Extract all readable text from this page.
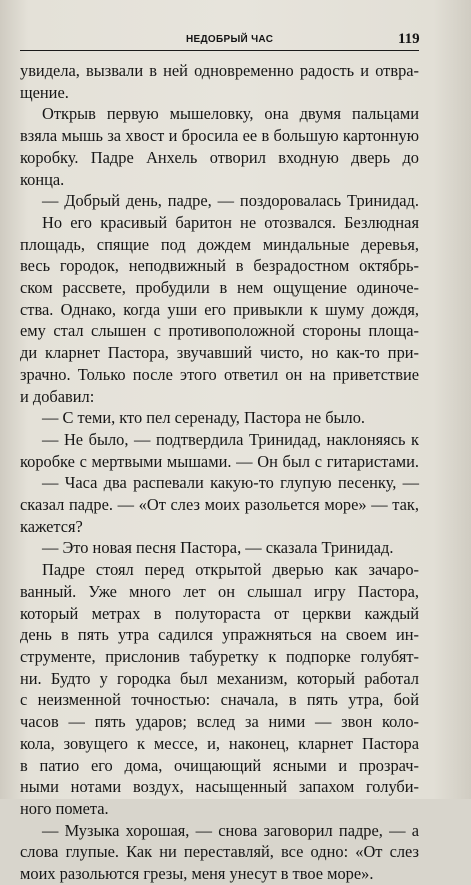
НЕДОБРЫЙ ЧАС	119
увидела, вызвали в ней одновременно радость и отвра-
щение.
Открыв первую мышеловку, она двумя пальцами
взяла мышь за хвост и бросила ее в большую картонную
коробку. Падре Анхель отворил входную дверь до
конца.
— Добрый день, падре, — поздоровалась Тринидад.
Но его красивый баритон не отозвался. Безлюдная
площадь, спящие под дождем миндальные деревья,
весь городок, неподвижный в безрадостном октябрь-
ском рассвете, пробудили в нем ощущение одиноче-
ства. Однако, когда уши его привыкли к шуму дождя,
ему стал слышен с противоположной стороны площа-
ди кларнет Пастора, звучавший чисто, но как-то при-
зрачно. Только после этого ответил он на приветствие
и добавил:
— С теми, кто пел серенаду, Пастора не было.
— Не было, — подтвердила Тринидад, наклоняясь к
коробке с мертвыми мышами. — Он был с гитаристами.
— Часа два распевали какую-то глупую песенку, —
сказал падре. — «От слез моих разольется море» — так,
кажется?
— Это новая песня Пастора, — сказала Тринидад.
Падре стоял перед открытой дверью как зачаро-
ванный. Уже много лет он слышал игру Пастора,
который метрах в полутораста от церкви каждый
день в пять утра садился упражняться на своем ин-
струменте, прислонив табуретку к подпорке голубят-
ни. Будто у городка был механизм, который работал
с неизменной точностью: сначала, в пять утра, бой
часов — пять ударов; вслед за ними — звон коло-
кола, зовущего к мессе, и, наконец, кларнет Пастора
в патио его дома, очищающий ясными и прозрач-
ными нотами воздух, насыщенный запахом голуби-
ного помета.
— Музыка хорошая, — снова заговорил падре, — а
слова глупые. Как ни переставляй, все одно: «От слез
моих разольются грезы, меня унесут в твое море».
